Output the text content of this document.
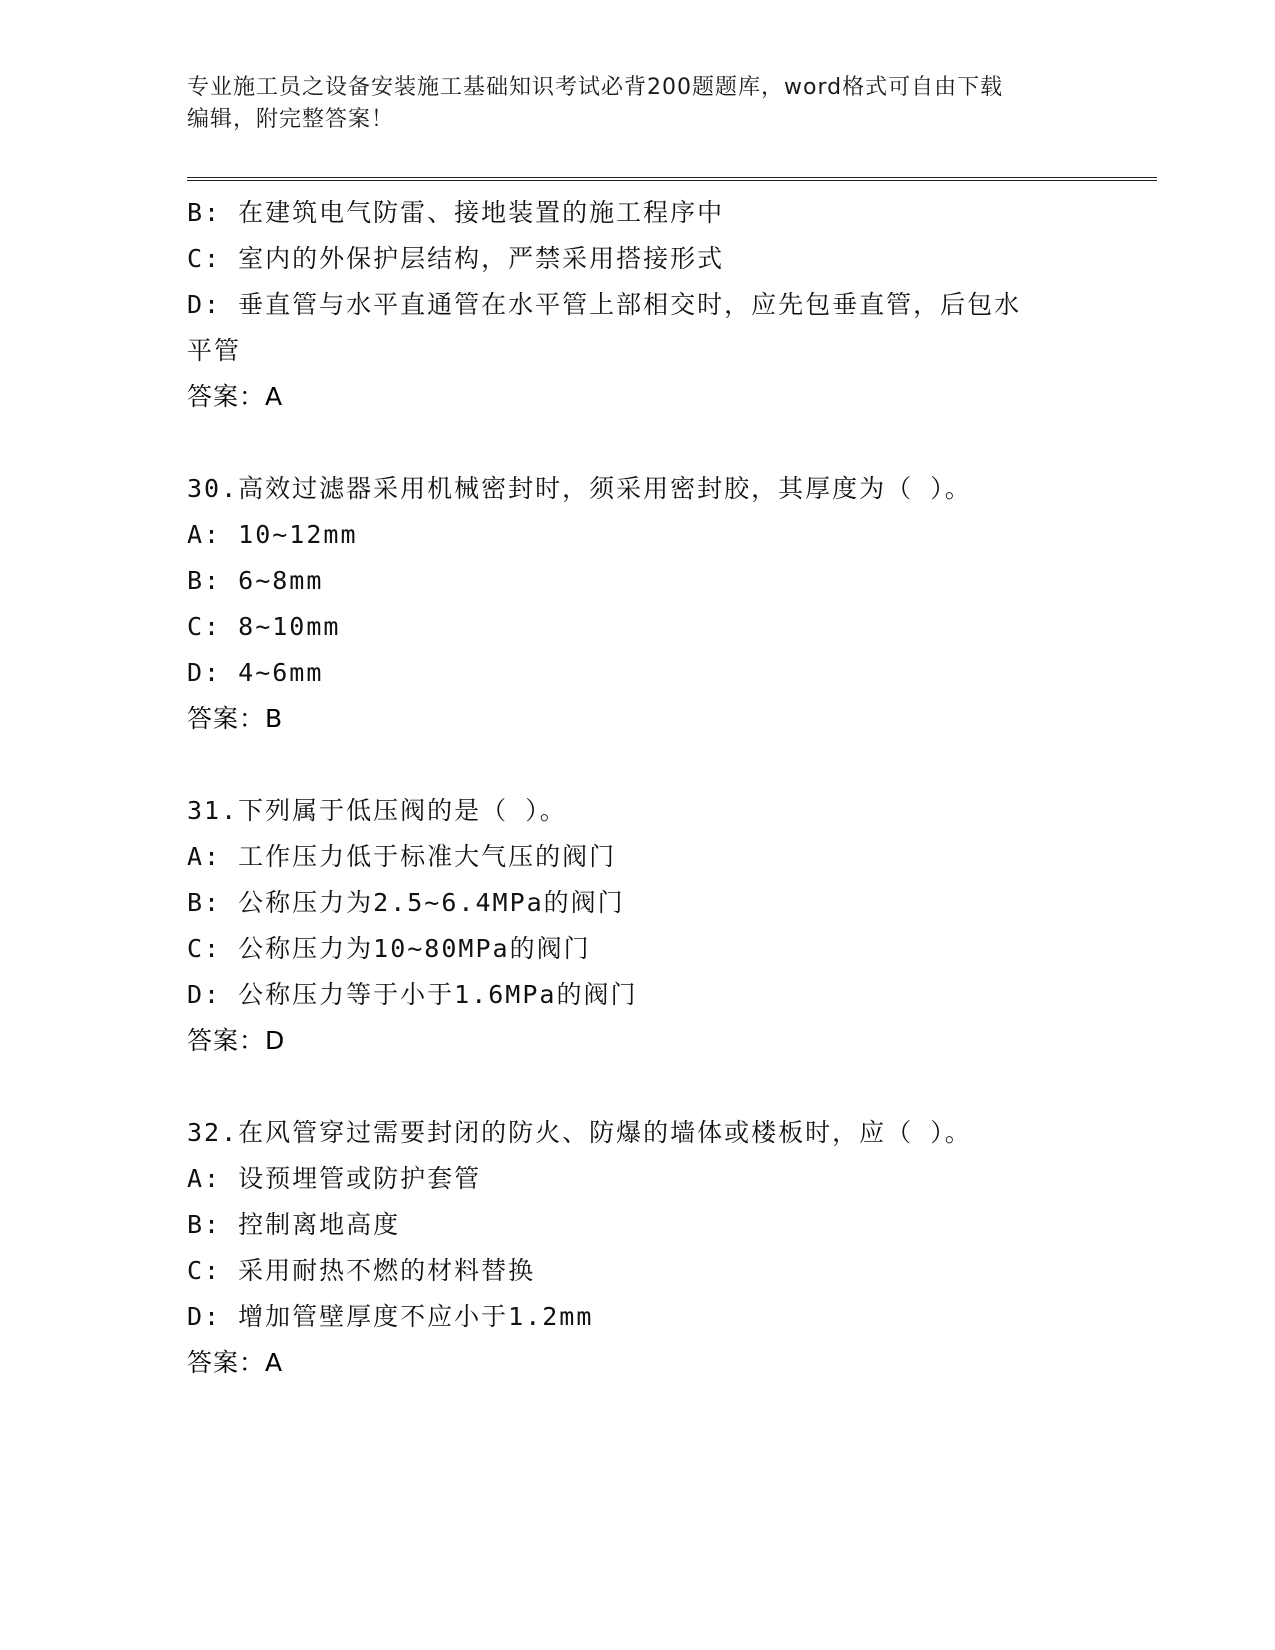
专业施工员之设备安装施工基础知识考试必背200题题库，word格式可自由下载
编辑，附完整答案！
B: 在建筑电气防雷、接地装置的施工程序中
C: 室内的外保护层结构，严禁采用搭接形式
D: 垂直管与水平直通管在水平管上部相交时，应先包垂直管，后包水
平管
答案：A
30.高效过滤器采用机械密封时，须采用密封胶，其厚度为（ ）。
A: 10~12mm
B: 6~8mm
C: 8~10mm
D: 4~6mm
答案：B
31.下列属于低压阀的是（ ）。
A: 工作压力低于标准大气压的阀门
B: 公称压力为2.5~6.4MPa的阀门
C: 公称压力为10~80MPa的阀门
D: 公称压力等于小于1.6MPa的阀门
答案：D
32.在风管穿过需要封闭的防火、防爆的墙体或楼板时，应（ ）。
A: 设预埋管或防护套管
B: 控制离地高度
C: 采用耐热不燃的材料替换
D: 增加管壁厚度不应小于1.2mm
答案：A
